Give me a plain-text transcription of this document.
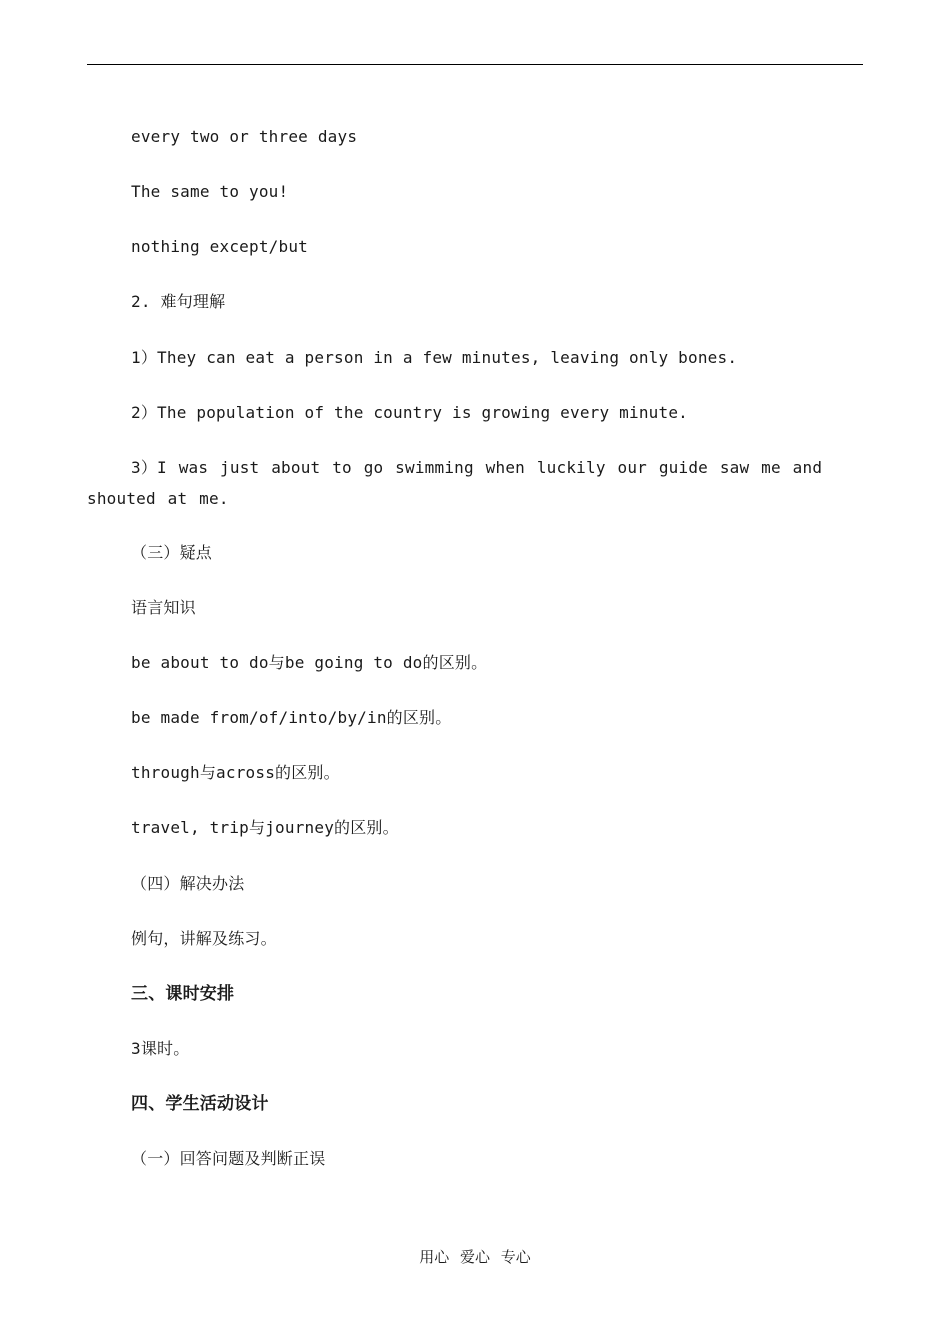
every two or three days
The same to you!
nothing except/but
2. 难句理解
1）They can eat a person in a few minutes, leaving only bones.
2）The population of the country is growing every minute.
3）I was just about to go swimming when luckily our guide saw me and shouted at me.
（三）疑点
语言知识
be about to do与be going to do的区别。
be made from/of/into/by/in的区别。
through与across的区别。
travel, trip与journey的区别。
（四）解决办法
例句，讲解及练习。
三、课时安排
3课时。
四、学生活动设计
（一）回答问题及判断正误
用心 爱心 专心
